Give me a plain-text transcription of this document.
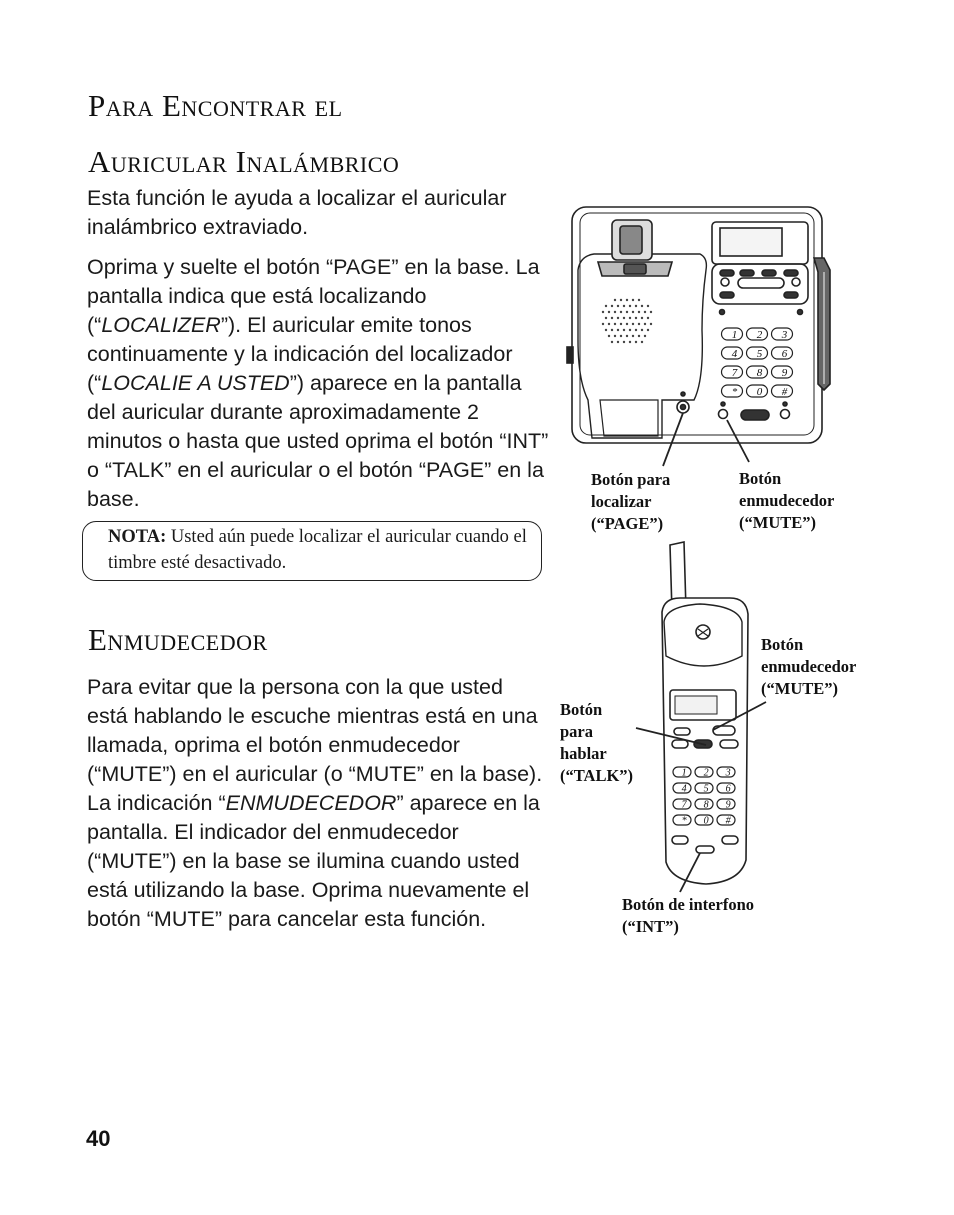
Para Encontrar el
Auricular Inalámbrico

Esta función le ayuda a localizar el auricular inalámbrico extraviado.

Oprima y suelte el botón “PAGE” en la base. La pantalla indica que está localizando (“LOCALIZER”). El auricular emite tonos continuamente y la indicación del localizador (“LOCALIE A USTED”) aparece en la pantalla del auricular durante aproximadamente 2 minutos o hasta que usted oprima el botón “INT” o “TALK” en el auricular o el botón “PAGE” en la base.

NOTA: Usted aún puede localizar el auricular cuando el timbre esté desactivado.

Enmudecedor

Para evitar que la persona con la que usted está hablando le escuche mientras está en una llamada, oprima el botón enmudecedor (“MUTE”) en el auricular (o “MUTE” en la base). La indicación “ENMUDECEDOR” aparece en la pantalla. El indicador del enmudecedor (“MUTE”) en la base se ilumina cuando usted está utilizando la base. Oprima nuevamente el botón “MUTE” para cancelar esta función.

1 2 3
4 5 6
7 8 9
* 0 #
1 2 3
4 5 6
7 8 9
* 0 #

Botón para
localizar
(“PAGE”)

Botón
enmudecedor
(“MUTE”)

Botón
enmudecedor
(“MUTE”)

Botón
para
hablar
(“TALK”)

Botón de interfono
(“INT”)

40
